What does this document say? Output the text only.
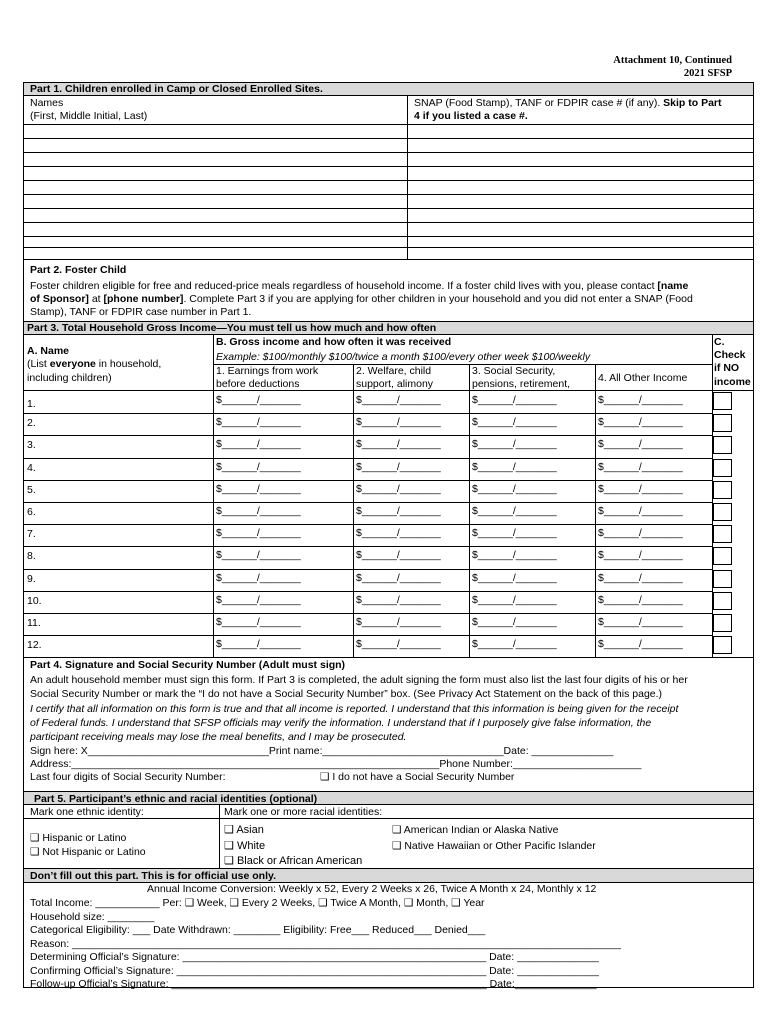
Attachment 10, Continued
2021 SFSP
Part 1. Children enrolled in Camp or Closed Enrolled Sites.
Names
(First, Middle Initial, Last)
SNAP (Food Stamp), TANF or FDPIR case # (if any). Skip to Part
4 if you listed a case #.
Part 2. Foster Child
Foster children eligible for free and reduced-price meals regardless of household income. If a foster child lives with you, please contact [name
of Sponsor] at [phone number]. Complete Part 3 if you are applying for other children in your household and you did not enter a SNAP (Food
Stamp), TANF or FDPIR case number in Part 1.
Part 3. Total Household Gross Income—You must tell us how much and how often
A. Name
(List everyone in household,
including children)
B. Gross income and how often it was received
Example: $100/monthly $100/twice a month $100/every other week $100/weekly
1. Earnings from work
before deductions
2. Welfare, child
support, alimony
3. Social Security,
pensions, retirement,	4. All Other Income
C.
Check
if NO
income
1.	$______/_______	$______/_______	$______/_______	$______/_______
2.	$______/_______	$______/_______	$______/_______	$______/_______
3.	$______/_______	$______/_______	$______/_______	$______/_______
4.	$______/_______	$______/_______	$______/_______	$______/_______
5.	$______/_______	$______/_______	$______/_______	$______/_______
6.	$______/_______	$______/_______	$______/_______	$______/_______
7.	$______/_______	$______/_______	$______/_______	$______/_______
8.	$______/_______	$______/_______	$______/_______	$______/_______
9.	$______/_______	$______/_______	$______/_______	$______/_______
10.	$______/_______	$______/_______	$______/_______	$______/_______
11.	$______/_______	$______/_______	$______/_______	$______/_______
12.	$______/_______	$______/_______	$______/_______	$______/_______
Part 4. Signature and Social Security Number (Adult must sign)
An adult household member must sign this form. If Part 3 is completed, the adult signing the form must also list the last four digits of his or her
Social Security Number or mark the “I do not have a Social Security Number” box. (See Privacy Act Statement on the back of this page.)
I certify that all information on this form is true and that all income is reported. I understand that this information is being given for the receipt
of Federal funds. I understand that SFSP officials may verify the information. I understand that if I purposely give false information, the
participant receiving meals may lose the meal benefits, and I may be prosecuted.
Sign here: X_______________________________Print name:_______________________________Date: ______________
Address:_______________________________________________________________Phone Number:______________________
Last four digits of Social Security Number:
❑	I do not have a Social Security Number
Part 5. Participant’s ethnic and racial identities (optional)
Mark one ethnic identity:	Mark one or more racial identities:
❑ Hispanic or Latino
❑ Not Hispanic or Latino
❑ Asian
❑ White
❑ Black or African American
❑ American Indian or Alaska Native
❑ Native Hawaiian or Other Pacific Islander
Don’t fill out this part. This is for official use only.
Annual Income Conversion: Weekly x 52, Every 2 Weeks x 26, Twice A Month x 24, Monthly x 12
Total Income: ___________ Per: ❑ Week, ❑ Every 2 Weeks, ❑ Twice A Month, ❑ Month, ❑ Year
Household size: ________
Categorical Eligibility: ___ Date Withdrawn: ________ Eligibility: Free___ Reduced___ Denied___
Reason: ______________________________________________________________________________________________
Determining Official’s Signature: ____________________________________________________ Date: ______________
Confirming Official’s Signature: _____________________________________________________ Date: ______________
Follow-up Official’s Signature: ______________________________________________________ Date:______________
